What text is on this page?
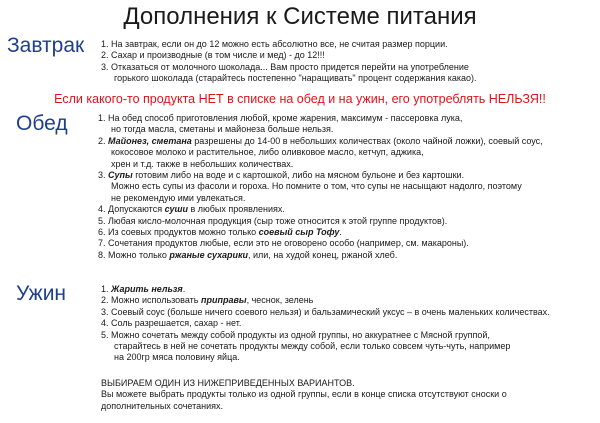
Дополнения к Системе питания
Завтрак
Обед
Ужин
Если какого-то продукта НЕТ в списке на обед и на ужин, его употреблять НЕЛЬЗЯ!!
1. На завтрак, если он до 12 можно есть абсолютно все, не считая размер порции.
2. Сахар и производные (в том числе и мед) - до 12!!!
3. Отказаться от молочного шоколада... Вам просто придется перейти на употребление
горького шоколада (старайтесь постепенно "наращивать" процент содержания какао).
1. На обед способ приготовления любой, кроме жарения, максимум - пассеровка лука,
но тогда масла, сметаны и майонеза больше нельзя.
2. Майонез, сметана разрешены до 14-00 в небольших количествах (около чайной ложки), соевый соус,
кокосовое молоко и растительное, либо оливковое масло, кетчуп, аджика,
хрен и т.д. также в небольших количествах.
3. Супы готовим либо на воде и с картошкой, либо на мясном бульоне и без картошки.
Можно есть супы из фасоли и гороха. Но помните о том, что супы не насыщают надолго, поэтому
не рекомендую ими увлекаться.
4. Допускаются суши в любых проявлениях.
5. Любая кисло-молочная продукция (сыр тоже относится к этой группе продуктов).
6. Из соевых продуктов можно только соевый сыр Тофу.
7. Сочетания продуктов любые, если это не оговорено особо (например, см. макароны).
8. Можно только ржаные сухарики, или, на худой конец, ржаной хлеб.
1. Жарить нельзя.
2. Можно использовать приправы, чеснок, зелень
3. Соевый соус (больше ничего соевого нельзя) и бальзамический уксус – в очень маленьких количествах.
4. Соль разрешается, сахар - нет.
5. Можно сочетать между собой продукты из одной группы, но аккуратнее с Мясной группой,
старайтесь в ней не сочетать продукты между собой, если только совсем чуть-чуть, например
на 200гр мяса половину яйца.
ВЫБИРАЕМ ОДИН ИЗ НИЖЕПРИВЕДЕННЫХ ВАРИАНТОВ.
Вы можете выбрать продукты только из одной группы, если в конце списка отсутствуют сноски о
дополнительных сочетаниях.
